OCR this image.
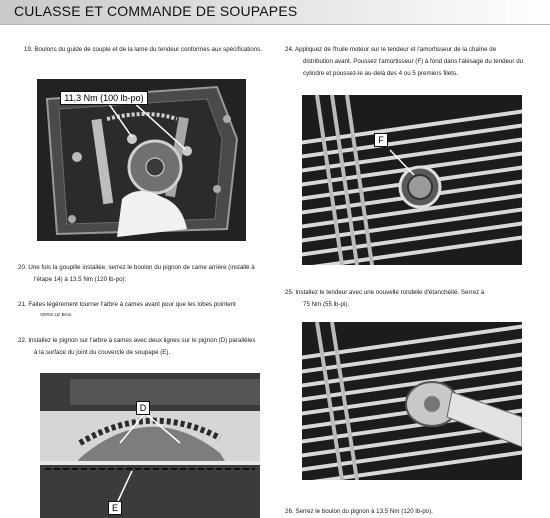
CULASSE ET COMMANDE DE SOUPAPES
19. Boulons du guide de couple et de la lame du tendeur conformes aux spécifications.
11,3 Nm (100 lb-po)
20. Une fois la goupille installée, serrez le boulon du pignon de came arrière (installé à
l'étape 14) à 13,5 Nm (120 lb-po).
21. Faites légèrement tourner l'arbre à cames avant pour que les lobes pointent
VERS LE BAS.
22. Installez le pignon sur l'arbre à cames avec deux lignes sur le pignon (D) parallèles
à la surface du joint du couvercle de soupape (E).
D
E
24. Appliquez de l'huile moteur sur le tendeur et l'amortisseur de la chaîne de
distribution avant. Poussez l'amortisseur (F) à fond dans l'alésage du tendeur du
cylindre et poussez-le au-delà des 4 ou 5 premiers filets.
F
25. Installez le tendeur avec une nouvelle rondelle d'étanchéité. Serrez à
75 Nm (55 lb-pi).
26. Serrez le boulon du pignon à 13,5 Nm (120 lb-po).
